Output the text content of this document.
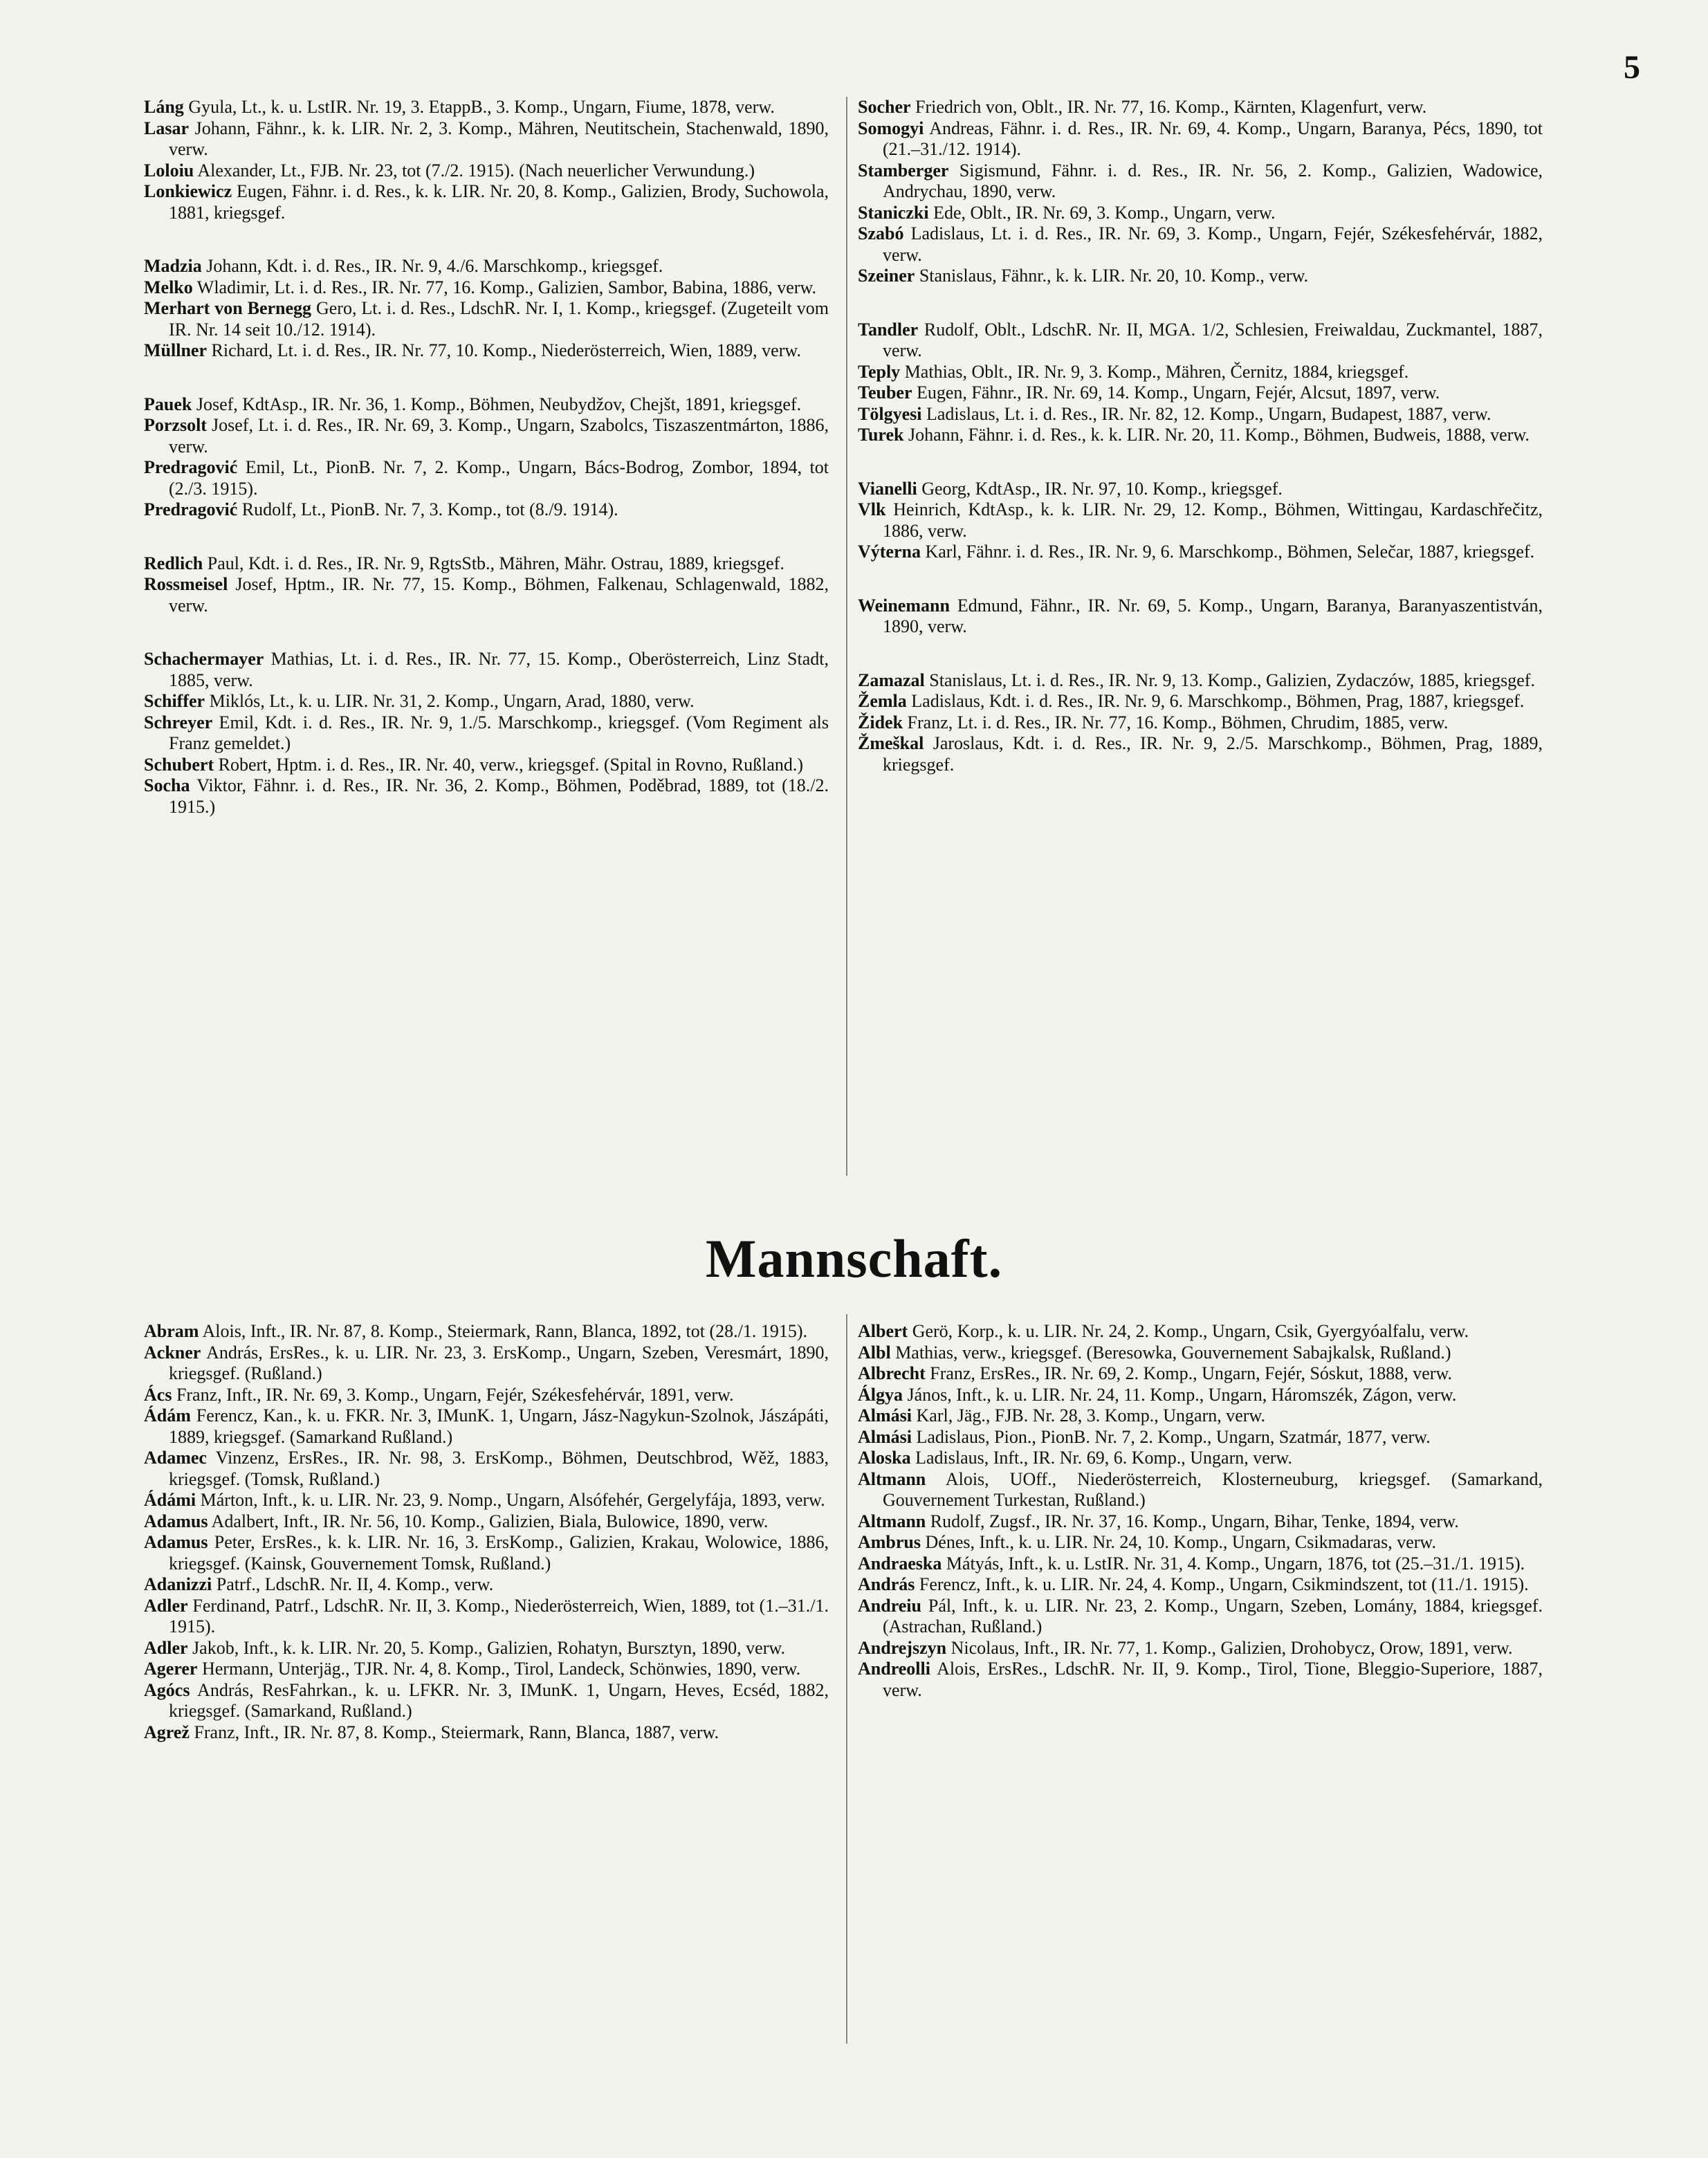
5

Láng Gyula, Lt., k. u. LstIR. Nr. 19, 3. EtappB., 3. Komp., Ungarn, Fiume, 1878, verw.

Lasar Johann, Fähnr., k. k. LIR. Nr. 2, 3. Komp., Mähren, Neutitschein, Stachenwald, 1890, verw.

Loloiu Alexander, Lt., FJB. Nr. 23, tot (7./2. 1915). (Nach neuerlicher Verwundung.)

Lonkiewicz Eugen, Fähnr. i. d. Res., k. k. LIR. Nr. 20, 8. Komp., Galizien, Brody, Suchowola, 1881, kriegsgef.

Madzia Johann, Kdt. i. d. Res., IR. Nr. 9, 4./6. Marschkomp., kriegsgef.

Melko Wladimir, Lt. i. d. Res., IR. Nr. 77, 16. Komp., Galizien, Sambor, Babina, 1886, verw.

Merhart von Bernegg Gero, Lt. i. d. Res., LdschR. Nr. I, 1. Komp., kriegsgef. (Zugeteilt vom IR. Nr. 14 seit 10./12. 1914).

Müllner Richard, Lt. i. d. Res., IR. Nr. 77, 10. Komp., Niederösterreich, Wien, 1889, verw.

Pauek Josef, KdtAsp., IR. Nr. 36, 1. Komp., Böhmen, Neubydžov, Chejšt, 1891, kriegsgef.

Porzsolt Josef, Lt. i. d. Res., IR. Nr. 69, 3. Komp., Ungarn, Szabolcs, Tiszaszentmárton, 1886, verw.

Predragović Emil, Lt., PionB. Nr. 7, 2. Komp., Ungarn, Bács-Bodrog, Zombor, 1894, tot (2./3. 1915).

Predragović Rudolf, Lt., PionB. Nr. 7, 3. Komp., tot (8./9. 1914).

Redlich Paul, Kdt. i. d. Res., IR. Nr. 9, RgtsStb., Mähren, Mähr. Ostrau, 1889, kriegsgef.

Rossmeisel Josef, Hptm., IR. Nr. 77, 15. Komp., Böhmen, Falkenau, Schlagenwald, 1882, verw.

Schachermayer Mathias, Lt. i. d. Res., IR. Nr. 77, 15. Komp., Oberösterreich, Linz Stadt, 1885, verw.

Schiffer Miklós, Lt., k. u. LIR. Nr. 31, 2. Komp., Ungarn, Arad, 1880, verw.

Schreyer Emil, Kdt. i. d. Res., IR. Nr. 9, 1./5. Marschkomp., kriegsgef. (Vom Regiment als Franz gemeldet.)

Schubert Robert, Hptm. i. d. Res., IR. Nr. 40, verw., kriegsgef. (Spital in Rovno, Rußland.)

Socha Viktor, Fähnr. i. d. Res., IR. Nr. 36, 2. Komp., Böhmen, Poděbrad, 1889, tot (18./2. 1915.)

Socher Friedrich von, Oblt., IR. Nr. 77, 16. Komp., Kärnten, Klagenfurt, verw.

Somogyi Andreas, Fähnr. i. d. Res., IR. Nr. 69, 4. Komp., Ungarn, Baranya, Pécs, 1890, tot (21.–31./12. 1914).

Stamberger Sigismund, Fähnr. i. d. Res., IR. Nr. 56, 2. Komp., Galizien, Wadowice, Andrychau, 1890, verw.

Staniczki Ede, Oblt., IR. Nr. 69, 3. Komp., Ungarn, verw.

Szabó Ladislaus, Lt. i. d. Res., IR. Nr. 69, 3. Komp., Ungarn, Fejér, Székesfehérvár, 1882, verw.

Szeiner Stanislaus, Fähnr., k. k. LIR. Nr. 20, 10. Komp., verw.

Tandler Rudolf, Oblt., LdschR. Nr. II, MGA. 1/2, Schlesien, Freiwaldau, Zuckmantel, 1887, verw.

Teply Mathias, Oblt., IR. Nr. 9, 3. Komp., Mähren, Černitz, 1884, kriegsgef.

Teuber Eugen, Fähnr., IR. Nr. 69, 14. Komp., Ungarn, Fejér, Alcsut, 1897, verw.

Tölgyesi Ladislaus, Lt. i. d. Res., IR. Nr. 82, 12. Komp., Ungarn, Budapest, 1887, verw.

Turek Johann, Fähnr. i. d. Res., k. k. LIR. Nr. 20, 11. Komp., Böhmen, Budweis, 1888, verw.

Vianelli Georg, KdtAsp., IR. Nr. 97, 10. Komp., kriegsgef.

Vlk Heinrich, KdtAsp., k. k. LIR. Nr. 29, 12. Komp., Böhmen, Wittingau, Kardaschřečitz, 1886, verw.

Výterna Karl, Fähnr. i. d. Res., IR. Nr. 9, 6. Marschkomp., Böhmen, Selečar, 1887, kriegsgef.

Weinemann Edmund, Fähnr., IR. Nr. 69, 5. Komp., Ungarn, Baranya, Baranyaszentistván, 1890, verw.

Zamazal Stanislaus, Lt. i. d. Res., IR. Nr. 9, 13. Komp., Galizien, Zydaczów, 1885, kriegsgef.

Žemla Ladislaus, Kdt. i. d. Res., IR. Nr. 9, 6. Marschkomp., Böhmen, Prag, 1887, kriegsgef.

Židek Franz, Lt. i. d. Res., IR. Nr. 77, 16. Komp., Böhmen, Chrudim, 1885, verw.

Žmeškal Jaroslaus, Kdt. i. d. Res., IR. Nr. 9, 2./5. Marschkomp., Böhmen, Prag, 1889, kriegsgef.

Mannschaft.

Abram Alois, Inft., IR. Nr. 87, 8. Komp., Steiermark, Rann, Blanca, 1892, tot (28./1. 1915).

Ackner András, ErsRes., k. u. LIR. Nr. 23, 3. ErsKomp., Ungarn, Szeben, Veresmárt, 1890, kriegsgef. (Rußland.)

Ács Franz, Inft., IR. Nr. 69, 3. Komp., Ungarn, Fejér, Székesfehérvár, 1891, verw.

Ádám Ferencz, Kan., k. u. FKR. Nr. 3, IMunK. 1, Ungarn, Jász-Nagykun-Szolnok, Jászápáti, 1889, kriegsgef. (Samarkand Rußland.)

Adamec Vinzenz, ErsRes., IR. Nr. 98, 3. ErsKomp., Böhmen, Deutschbrod, Wěž, 1883, kriegsgef. (Tomsk, Rußland.)

Ádámi Márton, Inft., k. u. LIR. Nr. 23, 9. Nomp., Ungarn, Alsófehér, Gergelyfája, 1893, verw.

Adamus Adalbert, Inft., IR. Nr. 56, 10. Komp., Galizien, Biala, Bulowice, 1890, verw.

Adamus Peter, ErsRes., k. k. LIR. Nr. 16, 3. ErsKomp., Galizien, Krakau, Wolowice, 1886, kriegsgef. (Kainsk, Gouvernement Tomsk, Rußland.)

Adanizzi Patrf., LdschR. Nr. II, 4. Komp., verw.

Adler Ferdinand, Patrf., LdschR. Nr. II, 3. Komp., Niederösterreich, Wien, 1889, tot (1.–31./1. 1915).

Adler Jakob, Inft., k. k. LIR. Nr. 20, 5. Komp., Galizien, Rohatyn, Bursztyn, 1890, verw.

Agerer Hermann, Unterjäg., TJR. Nr. 4, 8. Komp., Tirol, Landeck, Schönwies, 1890, verw.

Agócs András, ResFahrkan., k. u. LFKR. Nr. 3, IMunK. 1, Ungarn, Heves, Ecséd, 1882, kriegsgef. (Samarkand, Rußland.)

Agrež Franz, Inft., IR. Nr. 87, 8. Komp., Steiermark, Rann, Blanca, 1887, verw.

Albert Gerö, Korp., k. u. LIR. Nr. 24, 2. Komp., Ungarn, Csik, Gyergyóalfalu, verw.

Albl Mathias, verw., kriegsgef. (Beresowka, Gouvernement Sabajkalsk, Rußland.)

Albrecht Franz, ErsRes., IR. Nr. 69, 2. Komp., Ungarn, Fejér, Sóskut, 1888, verw.

Álgya János, Inft., k. u. LIR. Nr. 24, 11. Komp., Ungarn, Háromszék, Zágon, verw.

Almási Karl, Jäg., FJB. Nr. 28, 3. Komp., Ungarn, verw.

Almási Ladislaus, Pion., PionB. Nr. 7, 2. Komp., Ungarn, Szatmár, 1877, verw.

Aloska Ladislaus, Inft., IR. Nr. 69, 6. Komp., Ungarn, verw.

Altmann Alois, UOff., Niederösterreich, Klosterneuburg, kriegsgef. (Samarkand, Gouvernement Turkestan, Rußland.)

Altmann Rudolf, Zugsf., IR. Nr. 37, 16. Komp., Ungarn, Bihar, Tenke, 1894, verw.

Ambrus Dénes, Inft., k. u. LIR. Nr. 24, 10. Komp., Ungarn, Csikmadaras, verw.

Andraeska Mátyás, Inft., k. u. LstIR. Nr. 31, 4. Komp., Ungarn, 1876, tot (25.–31./1. 1915).

András Ferencz, Inft., k. u. LIR. Nr. 24, 4. Komp., Ungarn, Csikmindszent, tot (11./1. 1915).

Andreiu Pál, Inft., k. u. LIR. Nr. 23, 2. Komp., Ungarn, Szeben, Lomány, 1884, kriegsgef. (Astrachan, Rußland.)

Andrejszyn Nicolaus, Inft., IR. Nr. 77, 1. Komp., Galizien, Drohobycz, Orow, 1891, verw.

Andreolli Alois, ErsRes., LdschR. Nr. II, 9. Komp., Tirol, Tione, Bleggio-Superiore, 1887, verw.
